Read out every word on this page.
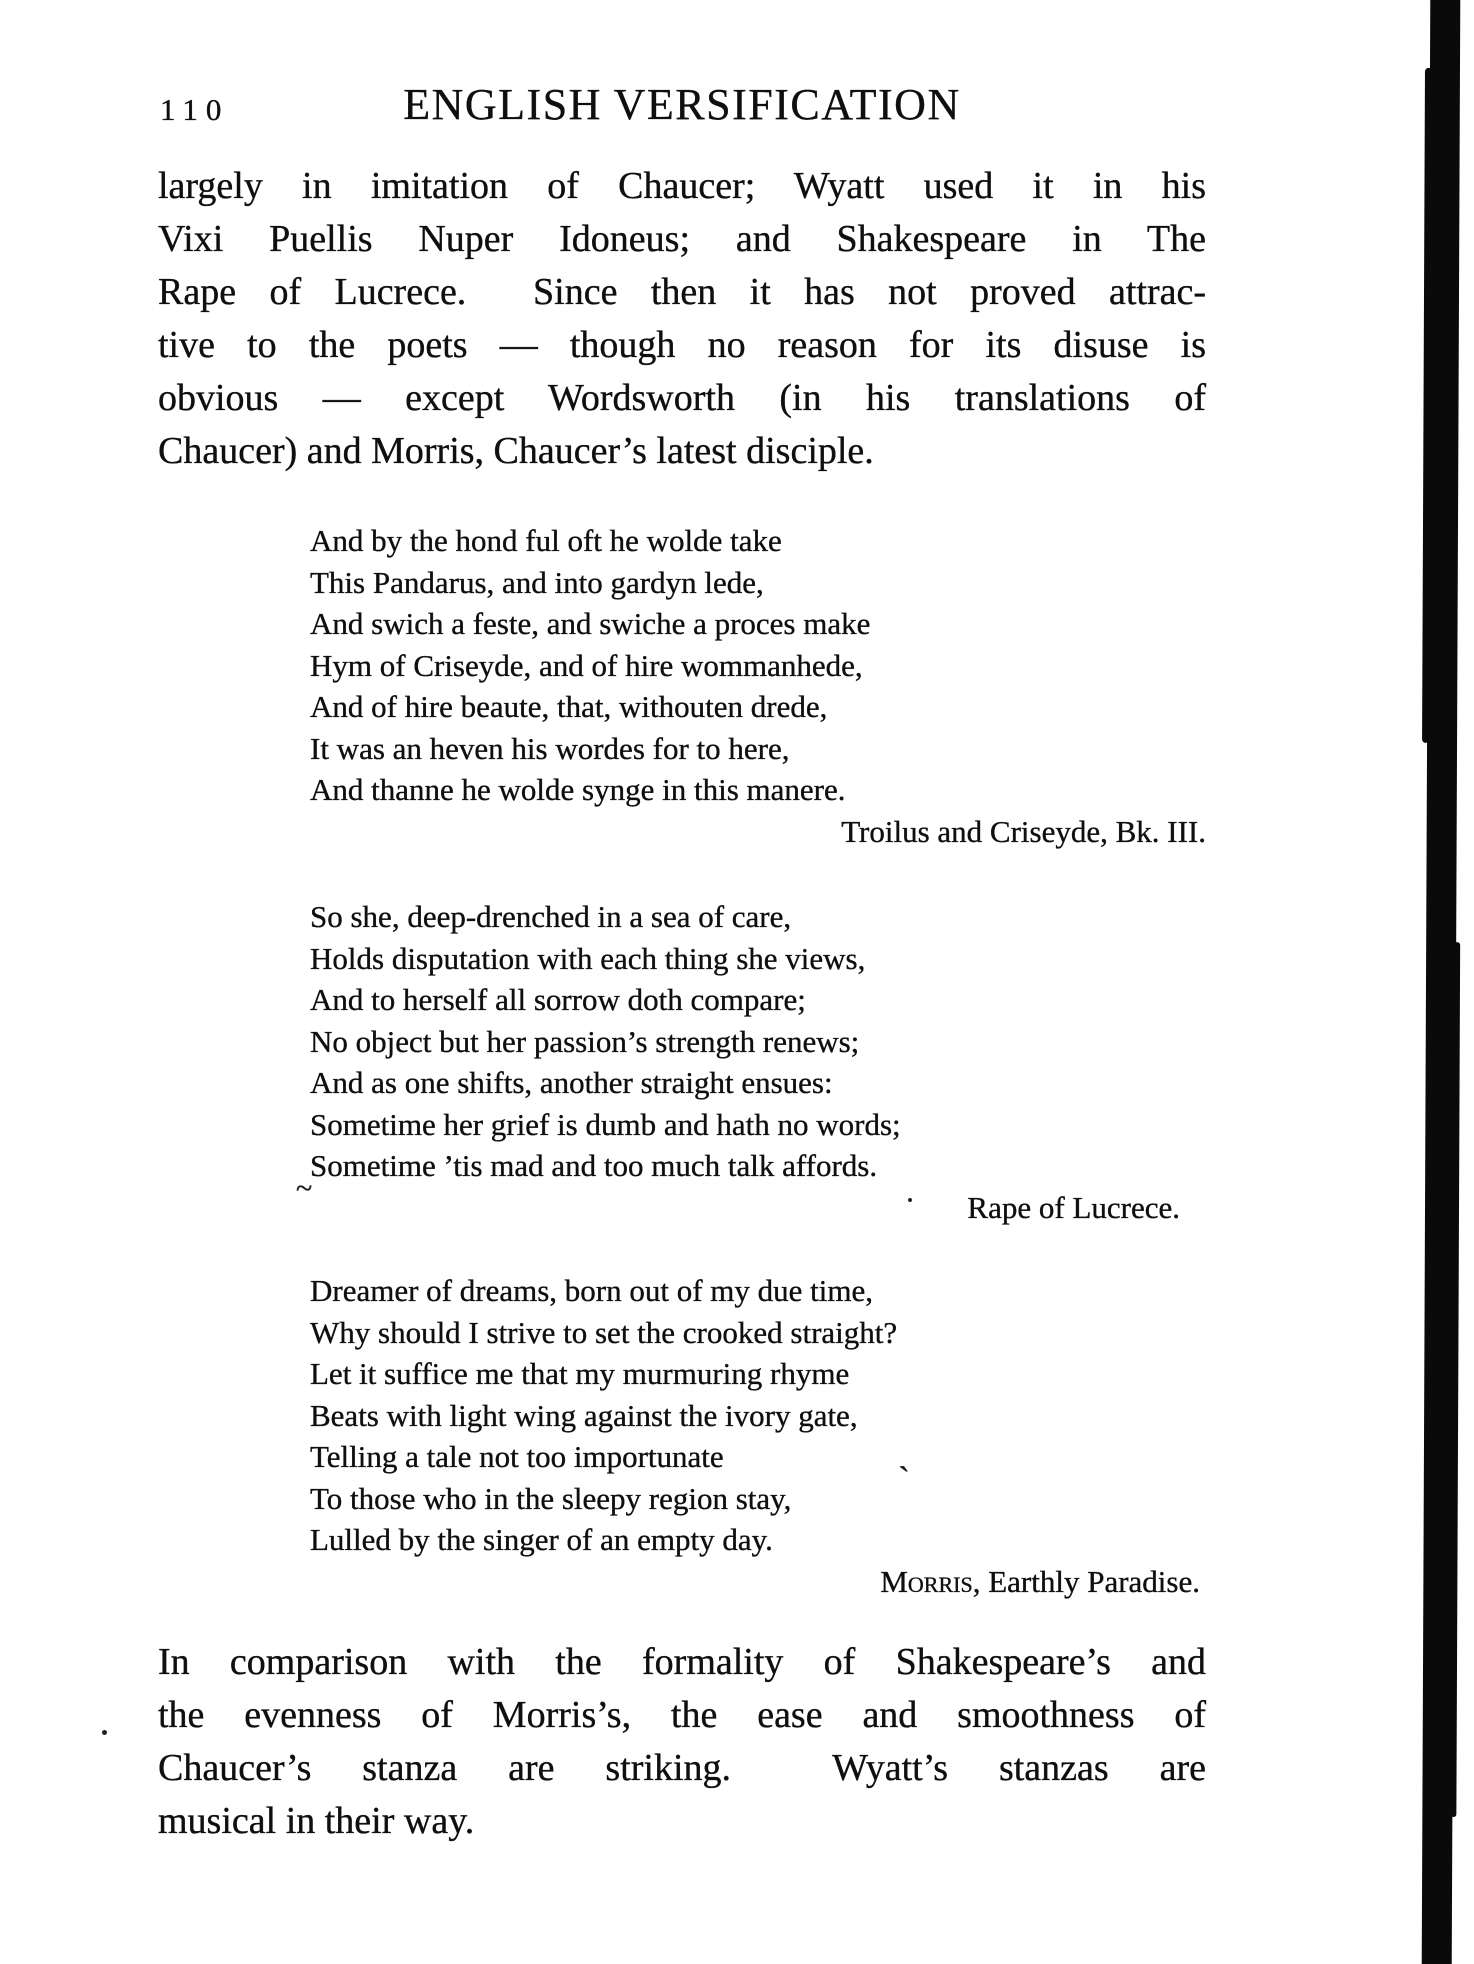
110	ENGLISH VERSIFICATION
largely in imitation of Chaucer; Wyatt used it in his
Vixi Puellis Nuper Idoneus; and Shakespeare in The
Rape of Lucrece.  Since then it has not proved attrac-
tive to the poets — though no reason for its disuse is
obvious — except Wordsworth (in his translations of
Chaucer) and Morris, Chaucer’s latest disciple.
And by the hond ful oft he wolde take
This Pandarus, and into gardyn lede,
And swich a feste, and swiche a proces make
Hym of Criseyde, and of hire wommanhede,
And of hire beaute, that, withouten drede,
It was an heven his wordes for to here,
And thanne he wolde synge in this manere.
Troilus and Criseyde, Bk. III.
So she, deep-drenched in a sea of care,
Holds disputation with each thing she views,
And to herself all sorrow doth compare;
No object but her passion’s strength renews;
And as one shifts, another straight ensues:
Sometime her grief is dumb and hath no words;
Sometime ’tis mad and too much talk affords.
Rape of Lucrece.
Dreamer of dreams, born out of my due time,
Why should I strive to set the crooked straight?
Let it suffice me that my murmuring rhyme
Beats with light wing against the ivory gate,
Telling a tale not too importunate
To those who in the sleepy region stay,
Lulled by the singer of an empty day.
Morris, Earthly Paradise.
In comparison with the formality of Shakespeare’s and
the evenness of Morris’s, the ease and smoothness of
Chaucer’s stanza are striking.  Wyatt’s stanzas are
musical in their way.
~
`
